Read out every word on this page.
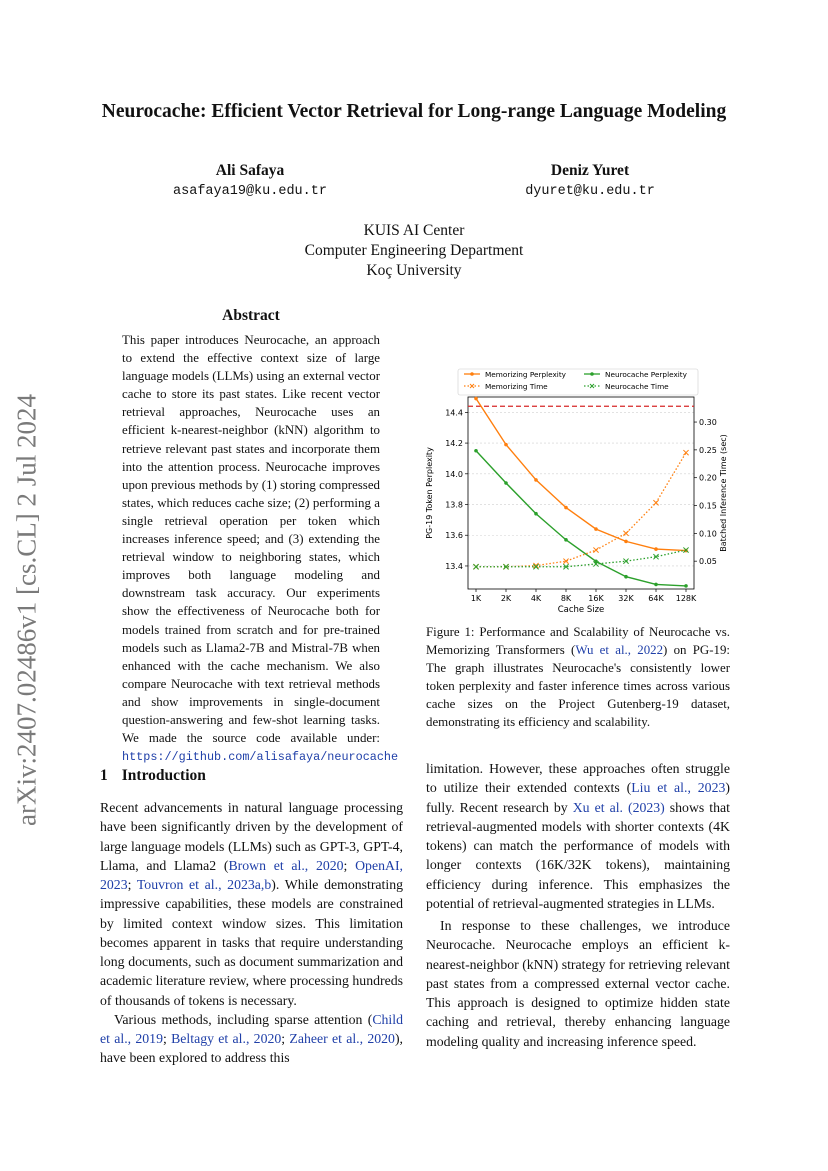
arXiv:2407.02486v1 [cs.CL] 2 Jul 2024
Neurocache: Efficient Vector Retrieval for Long-range Language Modeling
Ali Safaya
asafaya19@ku.edu.tr
Deniz Yuret
dyuret@ku.edu.tr
KUIS AI Center
Computer Engineering Department
Koç University
Abstract
This paper introduces Neurocache, an approach to extend the effective context size of large language models (LLMs) using an external vector cache to store its past states. Like recent vector retrieval approaches, Neurocache uses an efficient k-nearest-neighbor (kNN) algorithm to retrieve relevant past states and incorporate them into the attention process. Neurocache improves upon previous methods by (1) storing compressed states, which reduces cache size; (2) performing a single retrieval operation per token which increases inference speed; and (3) extending the retrieval window to neighboring states, which improves both language modeling and downstream task accuracy. Our experiments show the effectiveness of Neurocache both for models trained from scratch and for pre-trained models such as Llama2-7B and Mistral-7B when enhanced with the cache mechanism. We also compare Neurocache with text retrieval methods and show improvements in single-document question-answering and few-shot learning tasks. We made the source code available under: https://github.com/alisafaya/neurocache
1 Introduction

Recent advancements in natural language processing have been significantly driven by the development of large language models (LLMs) such as GPT-3, GPT-4, Llama, and Llama2 (Brown et al., 2020; OpenAI, 2023; Touvron et al., 2023a,b). While demonstrating impressive capabilities, these models are constrained by limited context window sizes. This limitation becomes apparent in tasks that require understanding long documents, such as document summarization and academic literature review, where processing hundreds of thousands of tokens is necessary.

Various methods, including sparse attention (Child et al., 2019; Beltagy et al., 2020; Zaheer et al., 2020), have been explored to address this

limitation. However, these approaches often struggle to utilize their extended contexts (Liu et al., 2023) fully. Recent research by Xu et al. (2023) shows that retrieval-augmented models with shorter contexts (4K tokens) can match the performance of models with longer contexts (16K/32K tokens), maintaining efficiency during inference. This emphasizes the potential of retrieval-augmented strategies in LLMs.

In response to these challenges, we introduce Neurocache. Neurocache employs an efficient k-nearest-neighbor (kNN) strategy for retrieving relevant past states from a compressed external vector cache. This approach is designed to optimize hidden state caching and retrieval, thereby enhancing language modeling quality and increasing inference speed.

Memorizing Perplexity	Neurocache Perplexity
Memorizing Time	Neurocache Time
13.4
13.6
13.8
14.0
14.2
14.4
0.05
0.10
0.15
0.20
0.25
0.30
1K 2K 4K 8K 16K 32K 64K 128K
Cache Size
PG-19 Token Perplexity	Batched Inference Time (sec)
Figure 1: Performance and Scalability of Neurocache vs. Memorizing Transformers (Wu et al., 2022) on PG-19: The graph illustrates Neurocache's consistently lower token perplexity and faster inference times across various cache sizes on the Project Gutenberg-19 dataset, demonstrating its efficiency and scalability.
